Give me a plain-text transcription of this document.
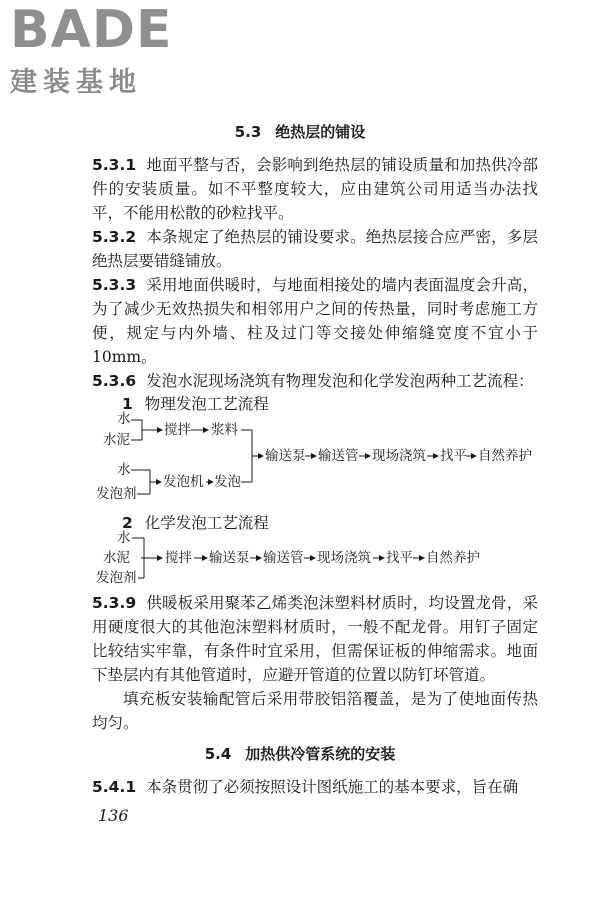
BADE
建装基地
5.3 绝热层的铺设
5.3.1 地面平整与否，会影响到绝热层的铺设质量和加热供冷部件的安装质量。如不平整度较大，应由建筑公司用适当办法找平，不能用松散的砂粒找平。
5.3.2 本条规定了绝热层的铺设要求。绝热层接合应严密，多层绝热层要错缝铺放。
5.3.3 采用地面供暖时，与地面相接处的墙内表面温度会升高，为了减少无效热损失和相邻用户之间的传热量，同时考虑施工方便，规定与内外墙、柱及过门等交接处伸缩缝宽度不宜小于10mm。
5.3.6 发泡水泥现场浇筑有物理发泡和化学发泡两种工艺流程：
1 物理发泡工艺流程
水
水泥
搅拌 浆料
水
发泡剂
发泡机 发泡
输送泵 输送管 现场浇筑 找平 自然养护
2 化学发泡工艺流程
水
水泥
发泡剂
搅拌 输送泵 输送管 现场浇筑 找平 自然养护
5.3.9 供暖板采用聚苯乙烯类泡沫塑料材质时，均设置龙骨，采用硬度很大的其他泡沫塑料材质时，一般不配龙骨。用钉子固定比较结实牢靠，有条件时宜采用，但需保证板的伸缩需求。地面下垫层内有其他管道时，应避开管道的位置以防钉坏管道。
填充板安装输配管后采用带胶铝箔覆盖，是为了使地面传热均匀。
5.4 加热供冷管系统的安装
5.4.1 本条贯彻了必须按照设计图纸施工的基本要求，旨在确
136
